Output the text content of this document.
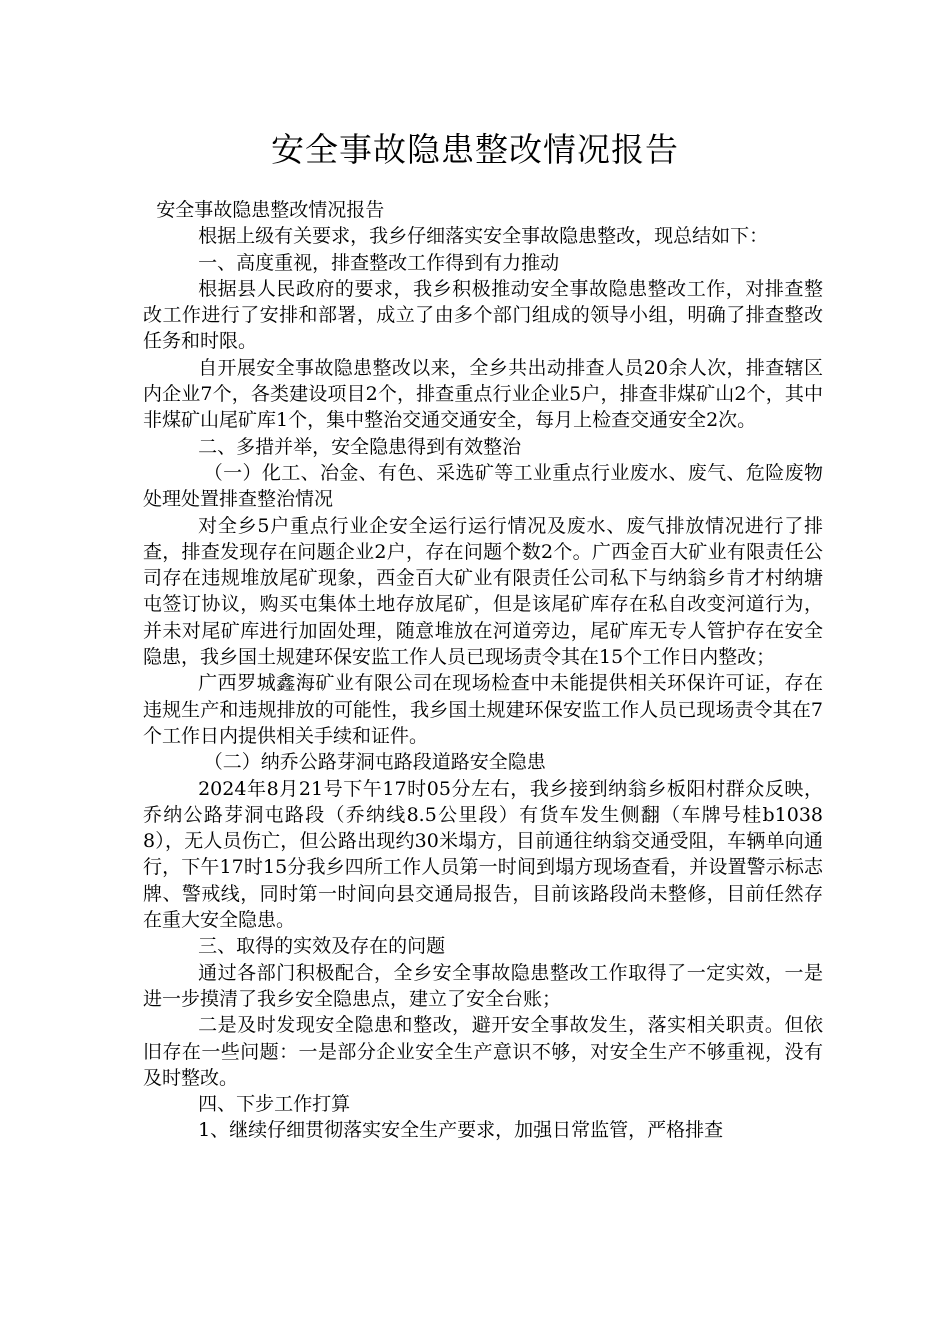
安全事故隐患整改情况报告

安全事故隐患整改情况报告

根据上级有关要求，我乡仔细落实安全事故隐患整改，现总结如下：

一、高度重视，排查整改工作得到有力推动

根据县人民政府的要求，我乡积极推动安全事故隐患整改工作，对排查整改工作进行了安排和部署，成立了由多个部门组成的领导小组，明确了排查整改任务和时限。

自开展安全事故隐患整改以来，全乡共出动排查人员20余人次，排查辖区内企业7个，各类建设项目2个，排查重点行业企业5户，排查非煤矿山2个，其中非煤矿山尾矿库1个，集中整治交通交通安全，每月上检查交通安全2次。

二、多措并举，安全隐患得到有效整治

（一）化工、冶金、有色、采选矿等工业重点行业废水、废气、危险废物处理处置排查整治情况

对全乡5户重点行业企安全运行运行情况及废水、废气排放情况进行了排查，排查发现存在问题企业2户，存在问题个数2个。广西金百大矿业有限责任公司存在违规堆放尾矿现象，西金百大矿业有限责任公司私下与纳翁乡肯才村纳塘屯签订协议，购买屯集体土地存放尾矿，但是该尾矿库存在私自改变河道行为，并未对尾矿库进行加固处理，随意堆放在河道旁边，尾矿库无专人管护存在安全隐患，我乡国土规建环保安监工作人员已现场责令其在15个工作日内整改；

广西罗城鑫海矿业有限公司在现场检查中未能提供相关环保许可证，存在违规生产和违规排放的可能性，我乡国土规建环保安监工作人员已现场责令其在7个工作日内提供相关手续和证件。

（二）纳乔公路芽洞屯路段道路安全隐患

2024年8月21号下午17时05分左右，我乡接到纳翁乡板阳村群众反映，乔纳公路芽洞屯路段（乔纳线8.5公里段）有货车发生侧翻（车牌号桂b10388），无人员伤亡，但公路出现约30米塌方，目前通往纳翁交通受阻，车辆单向通行，下午17时15分我乡四所工作人员第一时间到塌方现场查看，并设置警示标志牌、警戒线，同时第一时间向县交通局报告，目前该路段尚未整修，目前任然存在重大安全隐患。

三、取得的实效及存在的问题

通过各部门积极配合，全乡安全事故隐患整改工作取得了一定实效，一是进一步摸清了我乡安全隐患点，建立了安全台账；

二是及时发现安全隐患和整改，避开安全事故发生，落实相关职责。但依旧存在一些问题：一是部分企业安全生产意识不够，对安全生产不够重视，没有及时整改。

四、下步工作打算

1、继续仔细贯彻落实安全生产要求，加强日常监管，严格排查
